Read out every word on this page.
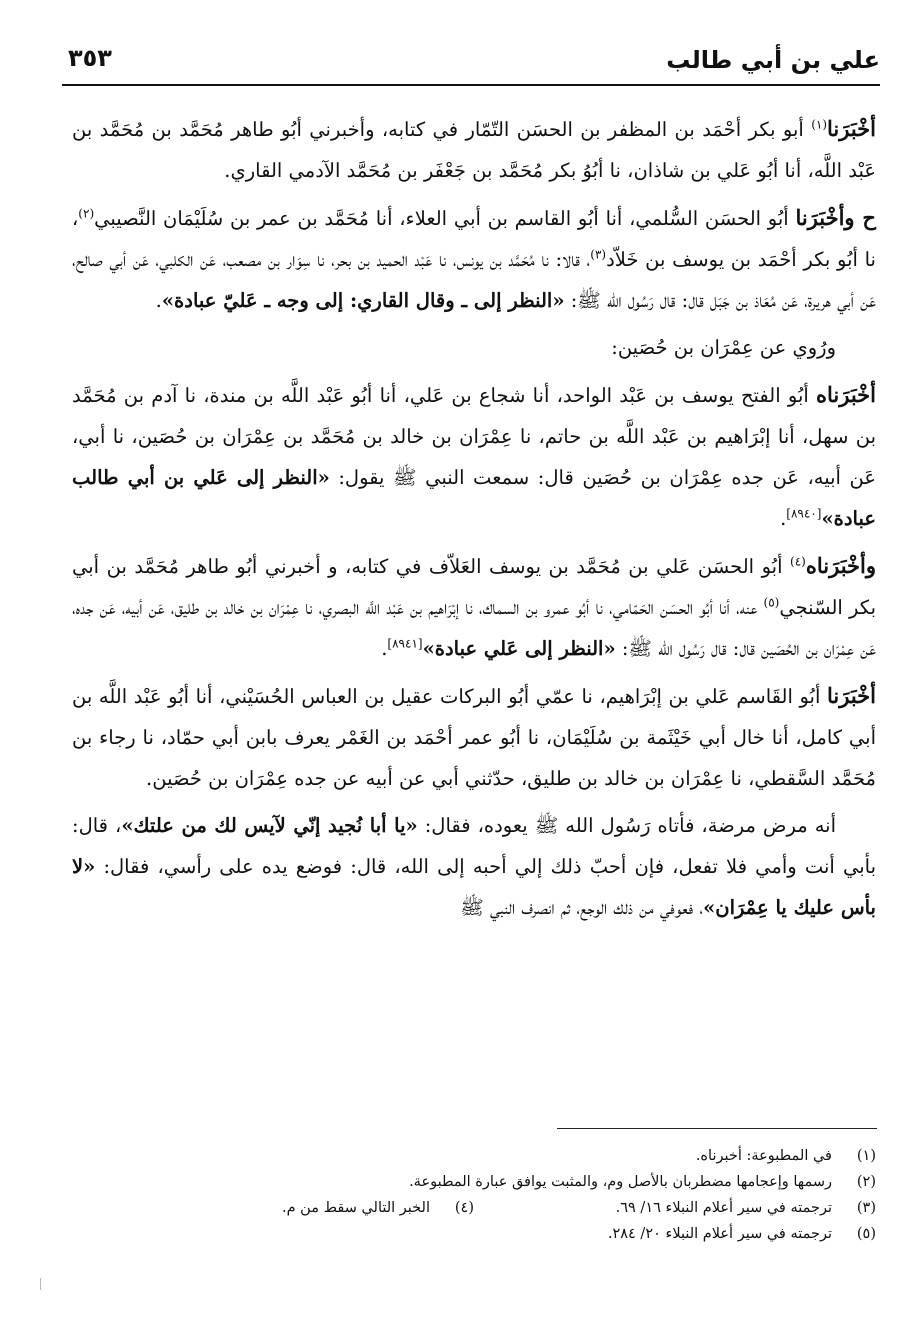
علي بن أبي طالب
٣٥٣

أخْبَرَنا$^{(١)}$ أبو بكر أحْمَد بن المظفر بن الحسَن التّمّار في كتابه، وأخبرني أبُو طاهر مُحَمَّد بن مُحَمَّد بن عَبْد اللَّه، أنا أبُو عَلي بن شاذان، نا أبُوُ بكر مُحَمَّد بن جَعْفَر بن مُحَمَّد الآدمي القاري.

ح وأخْبَرَنا أبُو الحسَن السُّلمي، أنا أبُو القاسم بن أبي العلاء، أنا مُحَمَّد بن عمر بن سُلَيْمَان النَّصيبي$^{(٢)}$، نا أبُو بكر أحْمَد بن يوسف بن خَلاّد$^{(٣)}$، قالا: نا مُحَمَّد بن يونس، نا عَبْد الحميد بن بحر، نا سِوَار بن مصعب، عَن الكلبي، عَن أبي صالح، عَن أبي هريرة، عَن مُعَاذ بن جَبَل قال: قال رَسُول الله ﷺ: «النظر إلى ـ وقال القاري: إلى وجه ـ عَليّ عبادة».

ورُوي عن عِمْرَان بن حُصَين:

أخْبَرَناه أبُو الفتح يوسف بن عَبْد الواحد، أنا شجاع بن عَلي، أنا أبُو عَبْد اللَّه بن مندة، نا آدم بن مُحَمَّد بن سهل، أنا إبْرَاهيم بن عَبْد اللَّه بن حاتم، نا عِمْرَان بن خالد بن مُحَمَّد بن عِمْرَان بن حُصَين، نا أبي، عَن أبيه، عَن جده عِمْرَان بن حُصَين قال: سمعت النبي ﷺ يقول: «النظر إلى عَلي بن أبي طالب عبادة»[٨٩٤٠].

وأخْبَرَناه$^{(٤)}$ أبُو الحسَن عَلي بن مُحَمَّد بن يوسف العَلاّف في كتابه، و أخبرني أبُو طاهر مُحَمَّد بن أبي بكر السّنجي$^{(٥)}$ عنه، أنا أبُو الحسَن الحَمّامي، نا أبُو عمرو بن السماك، نا إبْرَاهيم بن عَبْد اللَّه البصري، نا عِمْرَان بن خالد بن طليق، عَن أبيه، عَن جده، عَن عِمْرَان بن الحُصَين قال: قال رَسُول الله ﷺ: «النظر إلى عَلي عبادة»[٨٩٤١].

أخْبَرَنا أبُو القَاسم عَلي بن إبْرَاهيم، نا عمّي أبُو البركات عقيل بن العباس الحُسَيْني، أنا أبُو عَبْد اللَّه بن أبي كامل، أنا خال أبي خَيْثَمة بن سُلَيْمَان، نا أبُو عمر أحْمَد بن الغَمْر يعرف بابن أبي حمّاد، نا رجاء بن مُحَمَّد السَّقطي، نا عِمْرَان بن خالد بن طليق، حدّثني أبي عن أبيه عن جده عِمْرَان بن حُصَين.

أنه مرض مرضة، فأتاه رَسُول الله ﷺ يعوده، فقال: «يا أبا نُجيد إنّي لآيس لك من علتك»، قال: بأبي أنت وأمي فلا تفعل، فإن أحبّ ذلك إلي أحبه إلى الله، قال: فوضع يده على رأسي، فقال: «لا بأس عليك يا عِمْرَان»، فعوفي من ذلك الوجع، ثم انصرف النبي ﷺ

(١)
في المطبوعة: أخبرناه.
(٢)
رسمها وإعجامها مضطربان بالأصل وم، والمثبت يوافق عبارة المطبوعة.
(٣)
ترجمته في سير أعلام النبلاء ١٦/ ٦٩.
(٤)
الخبر التالي سقط من م.
(٥)
ترجمته في سير أعلام النبلاء ٢٠/ ٢٨٤.
